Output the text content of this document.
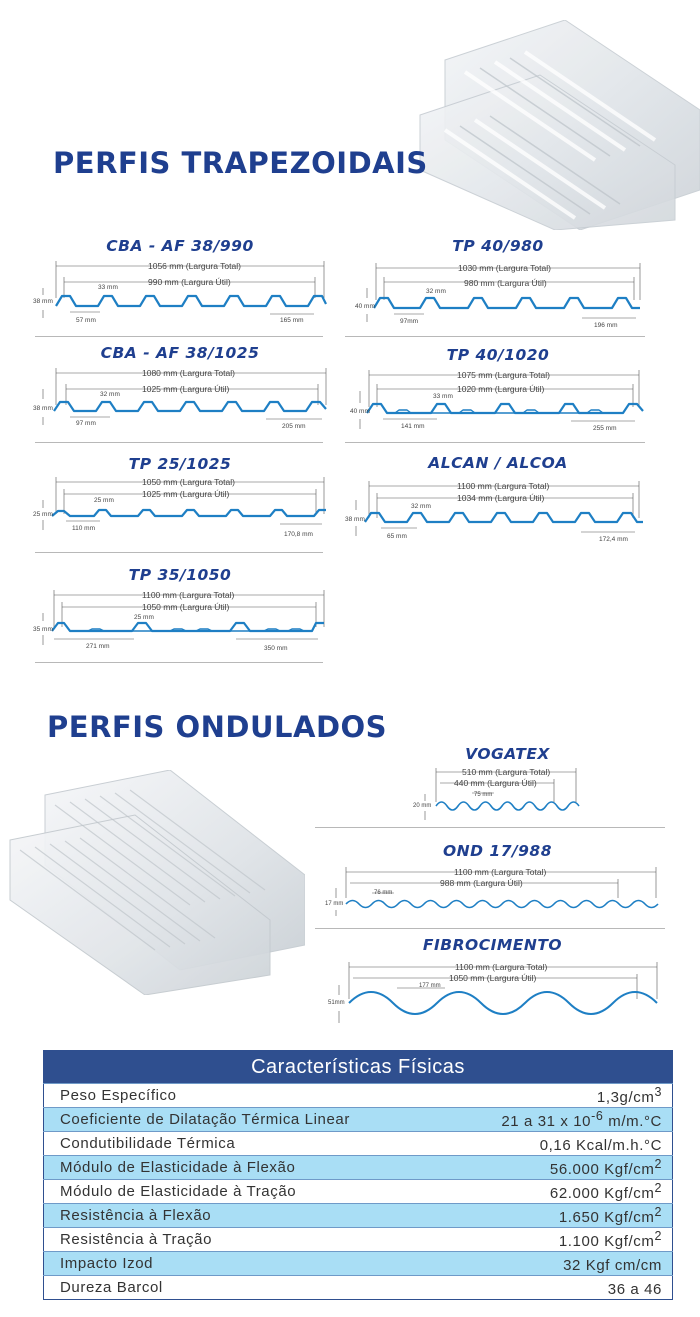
PERFIS TRAPEZOIDAIS
CBA - AF 38/990
1056 mm (Largura Total)
990 mm (Largura Útil)
33 mm
38 mm
57 mm	165 mm
CBA - AF 38/1025
1080 mm (Largura Total)
1025 mm (Largura Útil)
32 mm
38 mm
97 mm	205 mm
TP 25/1025
1050 mm (Largura Total)
1025 mm (Largura Útil)
25 mm
25 mm
110 mm
170,8 mm
TP 35/1050
1100 mm (Largura Total)
1050 mm (Largura Útil)
25 mm
35 mm
271 mm	350 mm
TP 40/980
1030 mm (Largura Total)
980 mm (Largura Útil)
32 mm
40 mm
97mm
196 mm
TP 40/1020
1075 mm (Largura Total)
1020 mm (Largura Útil)
33 mm
40 mm
141 mm	255 mm
ALCAN / ALCOA
1100 mm (Largura Total)
1034 mm (Largura Útil)
32 mm
38 mm
65 mm	172,4 mm
PERFIS ONDULADOS
VOGATEX
510 mm (Largura Total)
440 mm (Largura Útil)
75 mm
20 mm
OND 17/988
1100 mm (Largura Total)
988 mm (Largura Útil)
76 mm
17 mm
FIBROCIMENTO
1100 mm (Largura Total)
1050 mm (Largura Útil)
177 mm
51mm
Características Físicas	
Peso Específico	$1,3g/cm^3$
Coeficiente de Dilatação Térmica Linear	21 a 31 x $10^{-6}$ m/m.°C
Condutibilidade Térmica	0,16 Kcal/m.h.°C
Módulo de Elasticidade à Flexão	56.000 Kgf/$cm^2$
Módulo de Elasticidade à Tração	62.000 Kgf/$cm^2$
Resistência à Flexão	1.650 Kgf/$cm^2$
Resistência à Tração	1.100 Kgf/$cm^2$
Impacto Izod	32 Kgf cm/cm
Dureza Barcol	36 a 46
